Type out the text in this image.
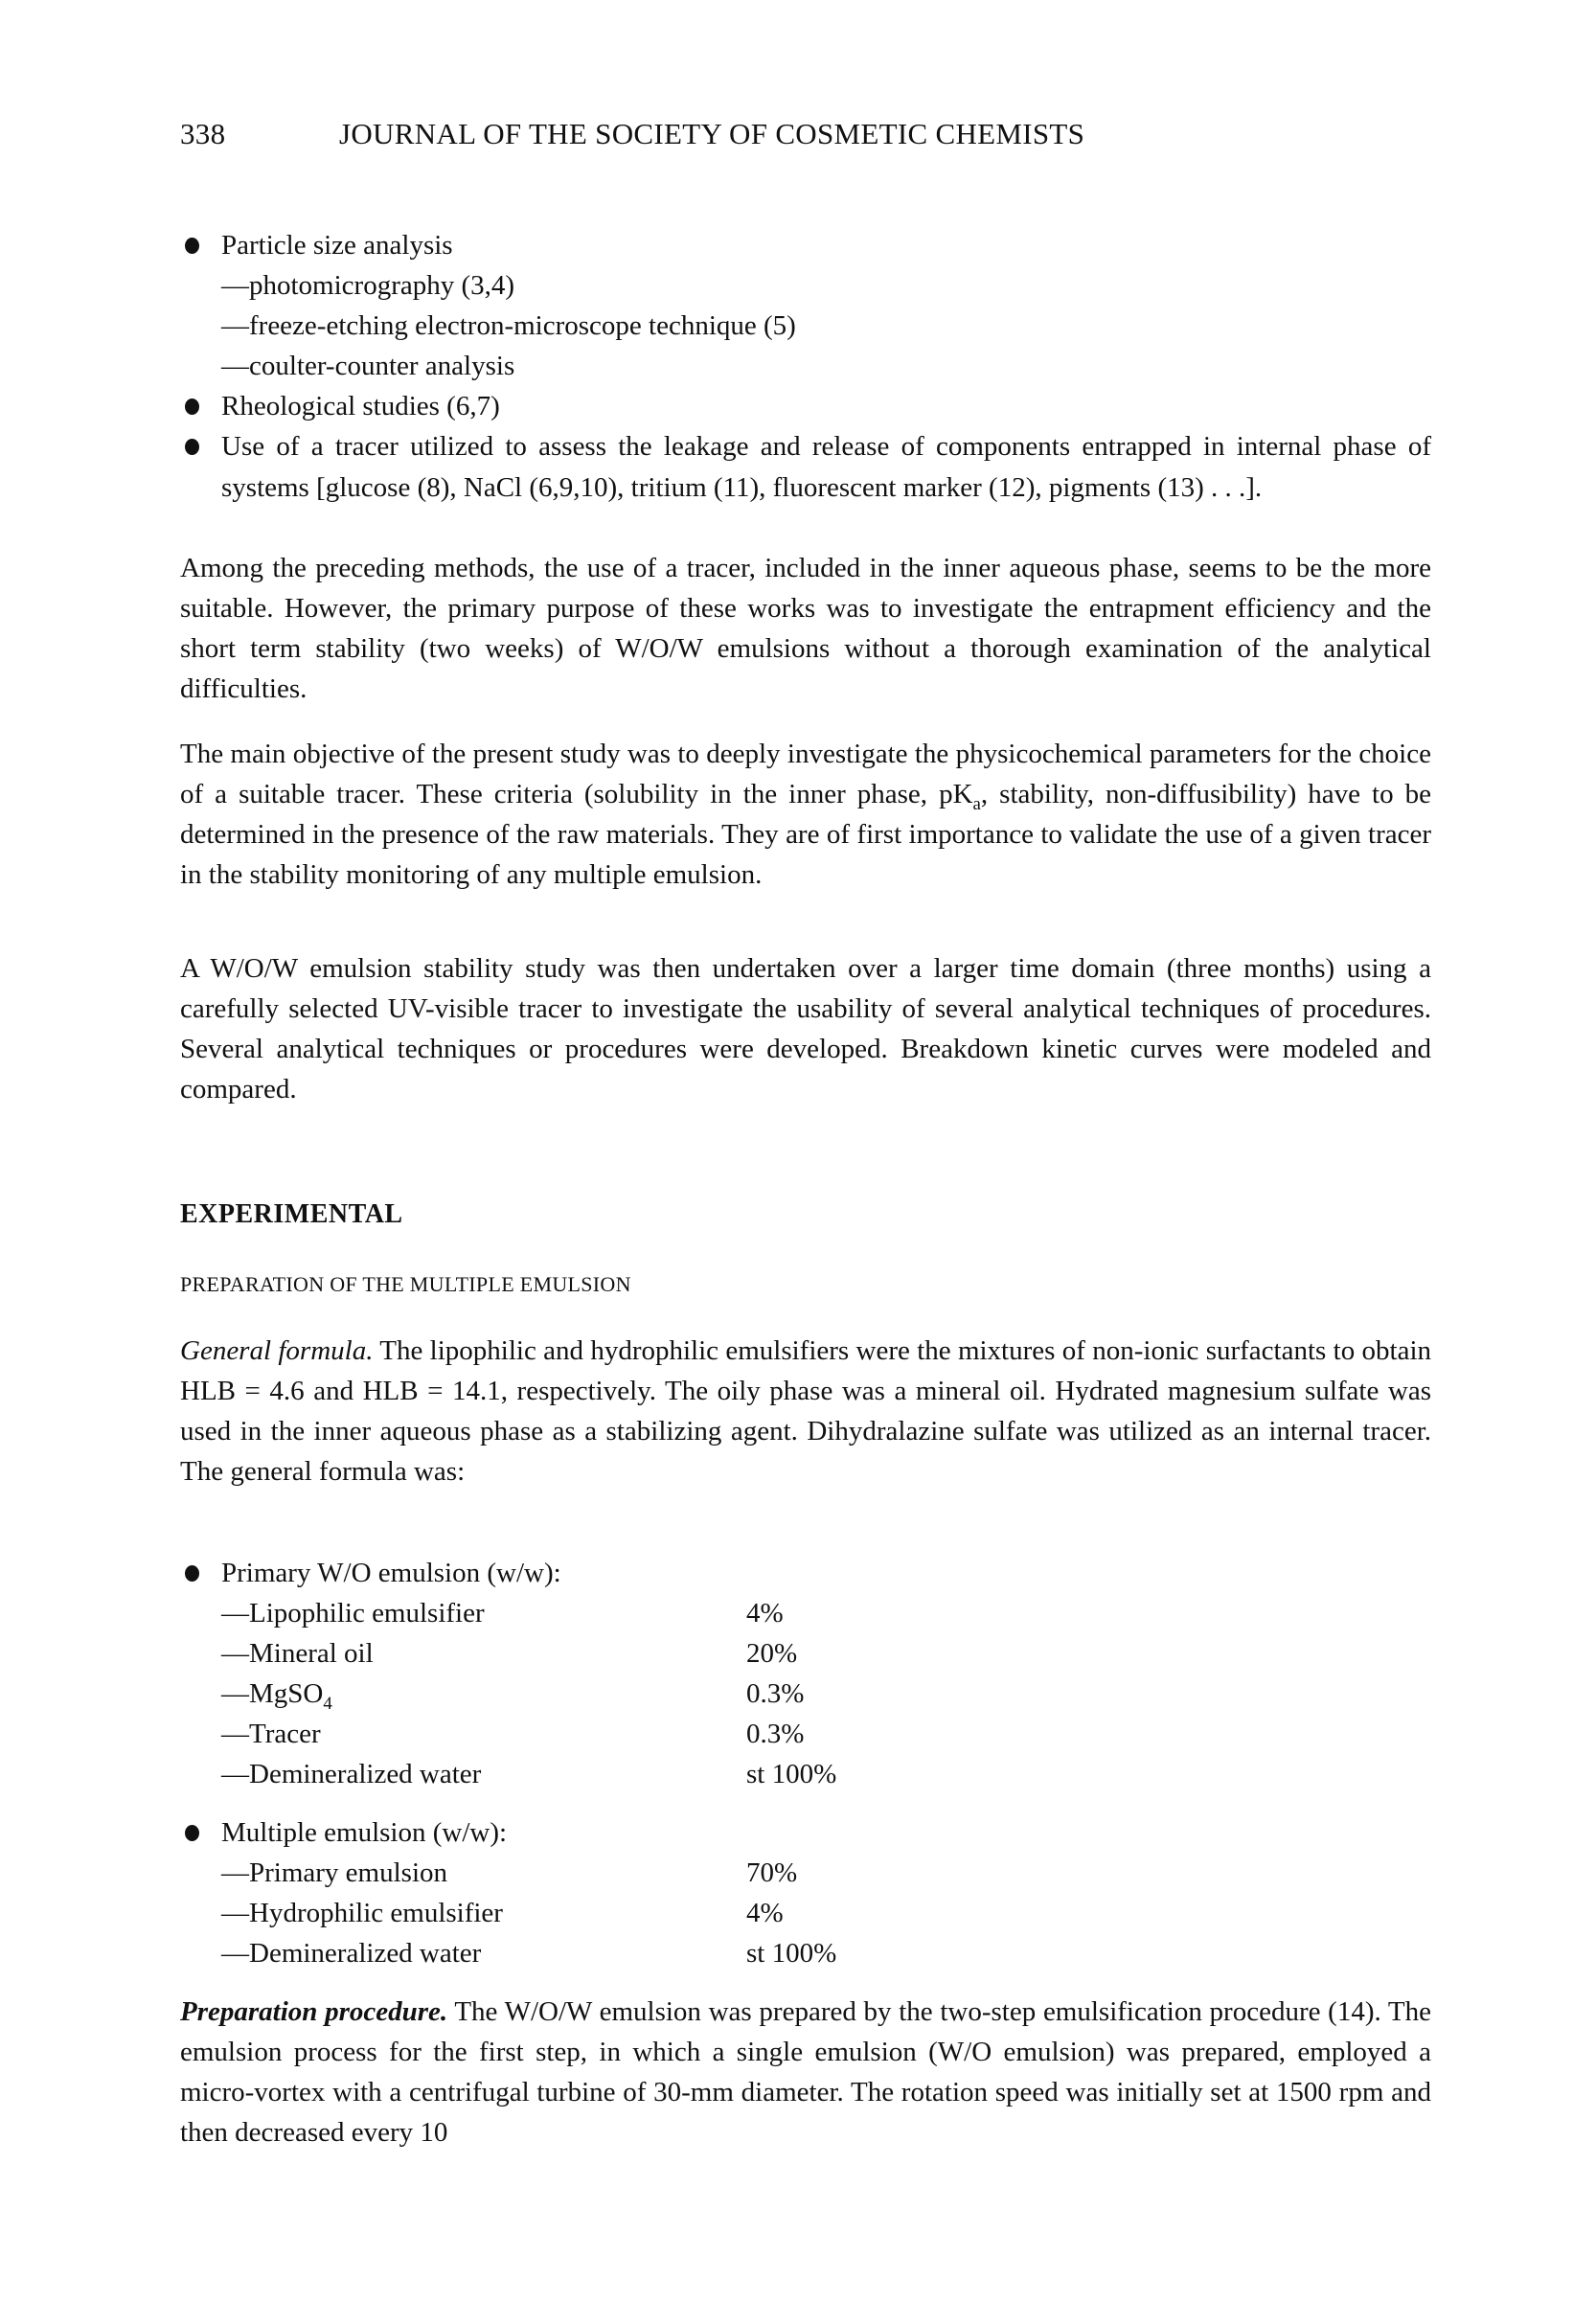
338	JOURNAL OF THE SOCIETY OF COSMETIC CHEMISTS
Particle size analysis
—photomicrography (3,4)
—freeze-etching electron-microscope technique (5)
—coulter-counter analysis
Rheological studies (6,7)
Use of a tracer utilized to assess the leakage and release of components entrapped in internal phase of systems [glucose (8), NaCl (6,9,10), tritium (11), fluorescent marker (12), pigments (13) . . .].
Among the preceding methods, the use of a tracer, included in the inner aqueous phase, seems to be the more suitable. However, the primary purpose of these works was to investigate the entrapment efficiency and the short term stability (two weeks) of W/O/W emulsions without a thorough examination of the analytical difficulties.
The main objective of the present study was to deeply investigate the physicochemical parameters for the choice of a suitable tracer. These criteria (solubility in the inner phase, $pK_a$, stability, non-diffusibility) have to be determined in the presence of the raw materials. They are of first importance to validate the use of a given tracer in the stability monitoring of any multiple emulsion.
A W/O/W emulsion stability study was then undertaken over a larger time domain (three months) using a carefully selected UV-visible tracer to investigate the usability of several analytical techniques of procedures. Several analytical techniques or procedures were developed. Breakdown kinetic curves were modeled and compared.
EXPERIMENTAL
PREPARATION OF THE MULTIPLE EMULSION
General formula. The lipophilic and hydrophilic emulsifiers were the mixtures of non-ionic surfactants to obtain HLB = 4.6 and HLB = 14.1, respectively. The oily phase was a mineral oil. Hydrated magnesium sulfate was used in the inner aqueous phase as a stabilizing agent. Dihydralazine sulfate was utilized as an internal tracer. The general formula was:
Primary W/O emulsion (w/w):
—Lipophilic emulsifier	4%
—Mineral oil	20%
—MgSO$_4$	0.3%
—Tracer	0.3%
—Demineralized water	st 100%
Multiple emulsion (w/w):
—Primary emulsion	70%
—Hydrophilic emulsifier	4%
—Demineralized water	st 100%
Preparation procedure. The W/O/W emulsion was prepared by the two-step emulsification procedure (14). The emulsion process for the first step, in which a single emulsion (W/O emulsion) was prepared, employed a micro-vortex with a centrifugal turbine of 30-mm diameter. The rotation speed was initially set at 1500 rpm and then decreased every 10
